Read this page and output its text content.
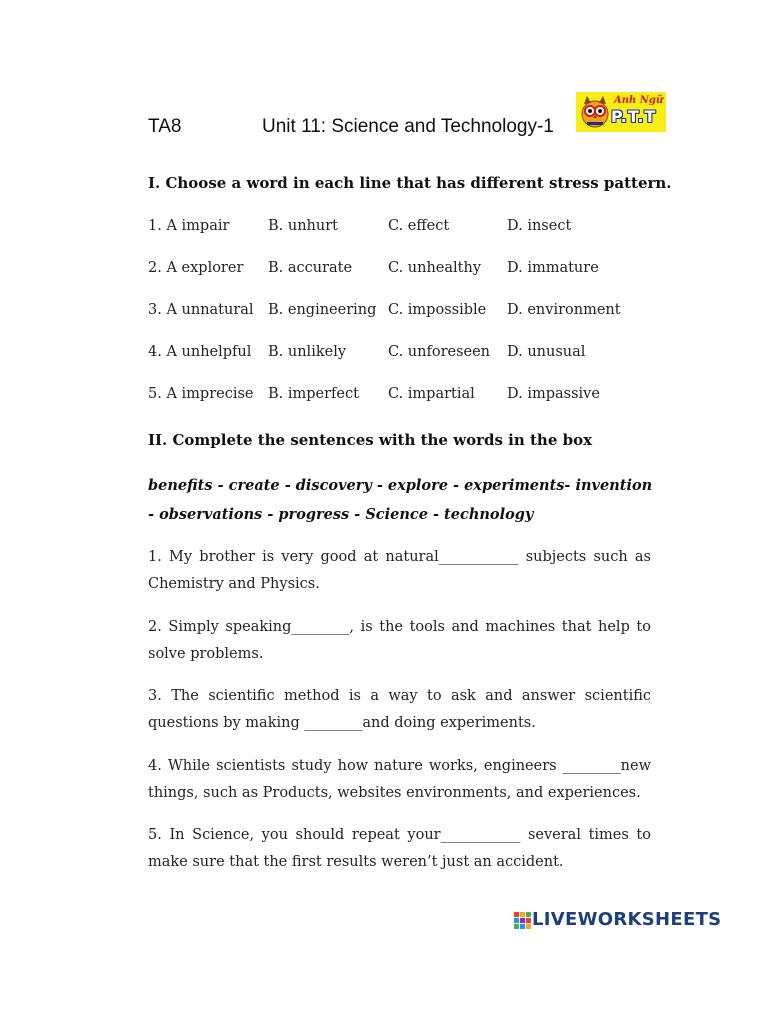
TA8	Unit 11: Science and Technology-1
Anh Ngữ
P.T.T
I. Choose a word in each line that has different stress pattern.
1. A impair	B. unhurt	C. effect	D. insect
2. A explorer B. accurate C. unhealthy D. immature
3. A unnatural B. engineering C. impossible D. environment
4. A unhelpful B. unlikely	C. unforeseen D. unusual
5. A imprecise B. imperfect C. impartial D. impassive
II. Complete the sentences with the words in the box
benefits - create - discovery - explore - experiments- invention
- observations - progress - Science - technology
1. My brother is very good at natural___________ subjects such as Chemistry and Physics.
2. Simply speaking________, is the tools and machines that help to solve problems.
3. The scientific method is a way to ask and answer scientific questions by making ________and doing experiments.
4. While scientists study how nature works, engineers ________new things, such as Products, websites environments, and experiences.
5. In Science, you should repeat your___________ several times to make sure that the first results weren’t just an accident.
LIVEWORKSHEETS
